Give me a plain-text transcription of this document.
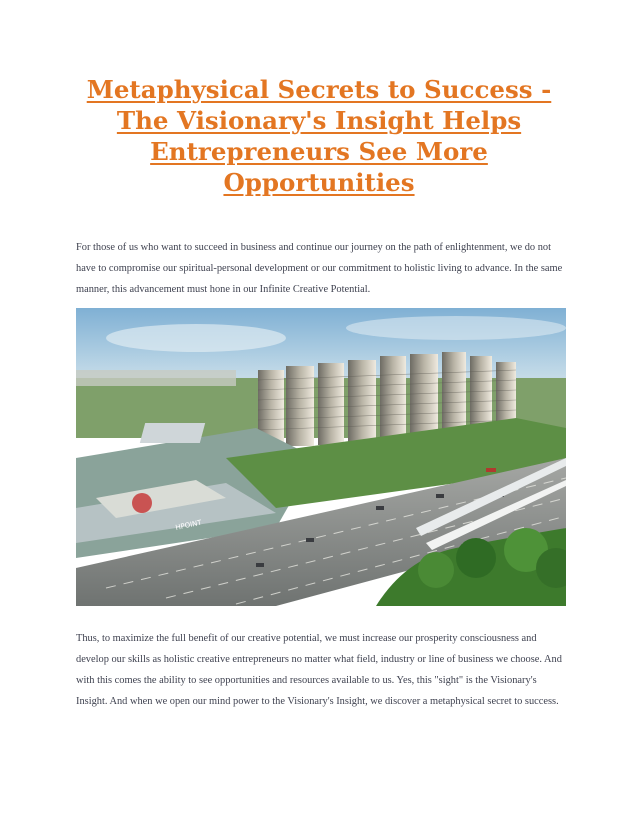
Metaphysical Secrets to Success - The Visionary's Insight Helps Entrepreneurs See More Opportunities

For those of us who want to succeed in business and continue our journey on the path of enlightenment, we do not have to compromise our spiritual-personal development or our commitment to holistic living to advance. In the same manner, this advancement must hone in our Infinite Creative Potential.

HPOINT

Thus, to maximize the full benefit of our creative potential, we must increase our prosperity consciousness and develop our skills as holistic creative entrepreneurs no matter what field, industry or line of business we choose. And with this comes the ability to see opportunities and resources available to us. Yes, this "sight" is the Visionary's Insight. And when we open our mind power to the Visionary's Insight, we discover a metaphysical secret to success.
